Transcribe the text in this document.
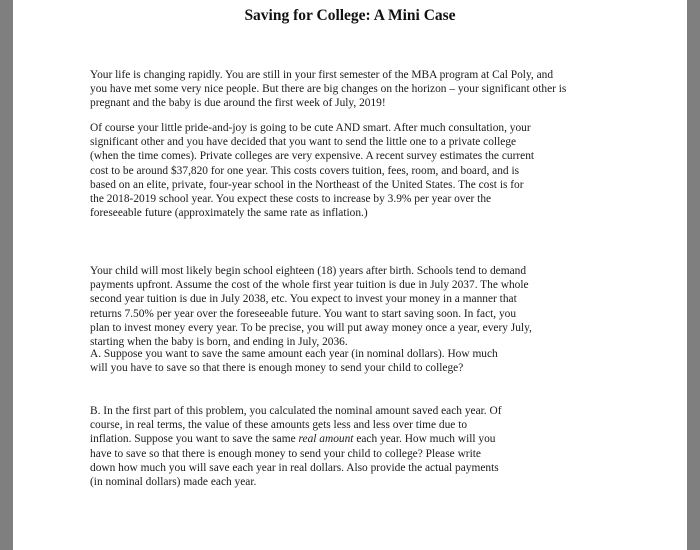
Saving for College: A Mini Case
Your life is changing rapidly. You are still in your first semester of the MBA program at Cal Poly, and
you have met some very nice people. But there are big changes on the horizon – your significant other is
pregnant and the baby is due around the first week of July, 2019!
Of course your little pride-and-joy is going to be cute AND smart. After much consultation, your
significant other and you have decided that you want to send the little one to a private college
(when the time comes). Private colleges are very expensive. A recent survey estimates the current
cost to be around $37,820 for one year. This costs covers tuition, fees, room, and board, and is
based on an elite, private, four-year school in the Northeast of the United States. The cost is for
the 2018-2019 school year. You expect these costs to increase by 3.9% per year over the
foreseeable future (approximately the same rate as inflation.)
Your child will most likely begin school eighteen (18) years after birth. Schools tend to demand
payments upfront. Assume the cost of the whole first year tuition is due in July 2037. The whole
second year tuition is due in July 2038, etc. You expect to invest your money in a manner that
returns 7.50% per year over the foreseeable future. You want to start saving soon. In fact, you
plan to invest money every year. To be precise, you will put away money once a year, every July,
starting when the baby is born, and ending in July, 2036.
A. Suppose you want to save the same amount each year (in nominal dollars). How much
will you have to save so that there is enough money to send your child to college?
B. In the first part of this problem, you calculated the nominal amount saved each year. Of
course, in real terms, the value of these amounts gets less and less over time due to
inflation. Suppose you want to save the same real amount each year. How much will you
have to save so that there is enough money to send your child to college? Please write
down how much you will save each year in real dollars. Also provide the actual payments
(in nominal dollars) made each year.
